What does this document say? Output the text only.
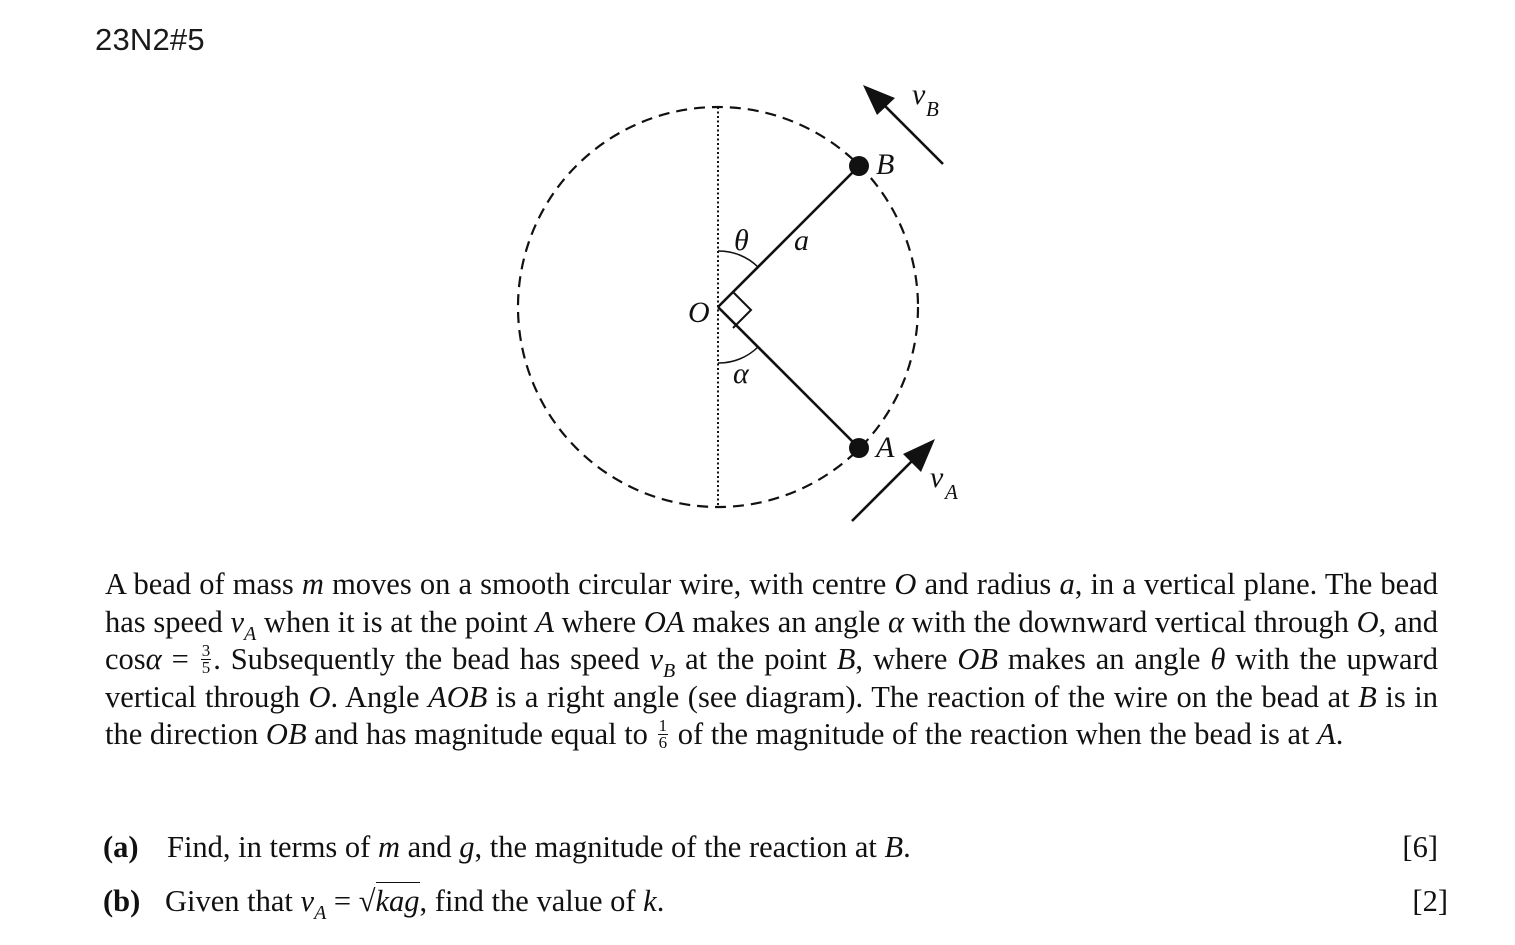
23N2#5
O
θ a
α
B
A
v B
v A
A bead of mass m moves on a smooth circular wire, with centre O and radius a, in a vertical plane. The bead has speed $v_A$ when it is at the point A where OA makes an angle α with the downward vertical through O, and $\cos\alpha = \frac{3}{5}$ . Subsequently the bead has speed $v_B$ at the point B, where OB makes an angle θ with the upward vertical through O. Angle AOB is a right angle (see diagram). The reaction of the wire on the bead at B is in the direction OB and has magnitude equal to $\frac{1}{6}$ of the magnitude of the reaction when the bead is at A.
(a) Find, in terms of m and g, the magnitude of the reaction at B.	[6]
(b) Given that $v_A = √kag$, find the value of k.	[2]
